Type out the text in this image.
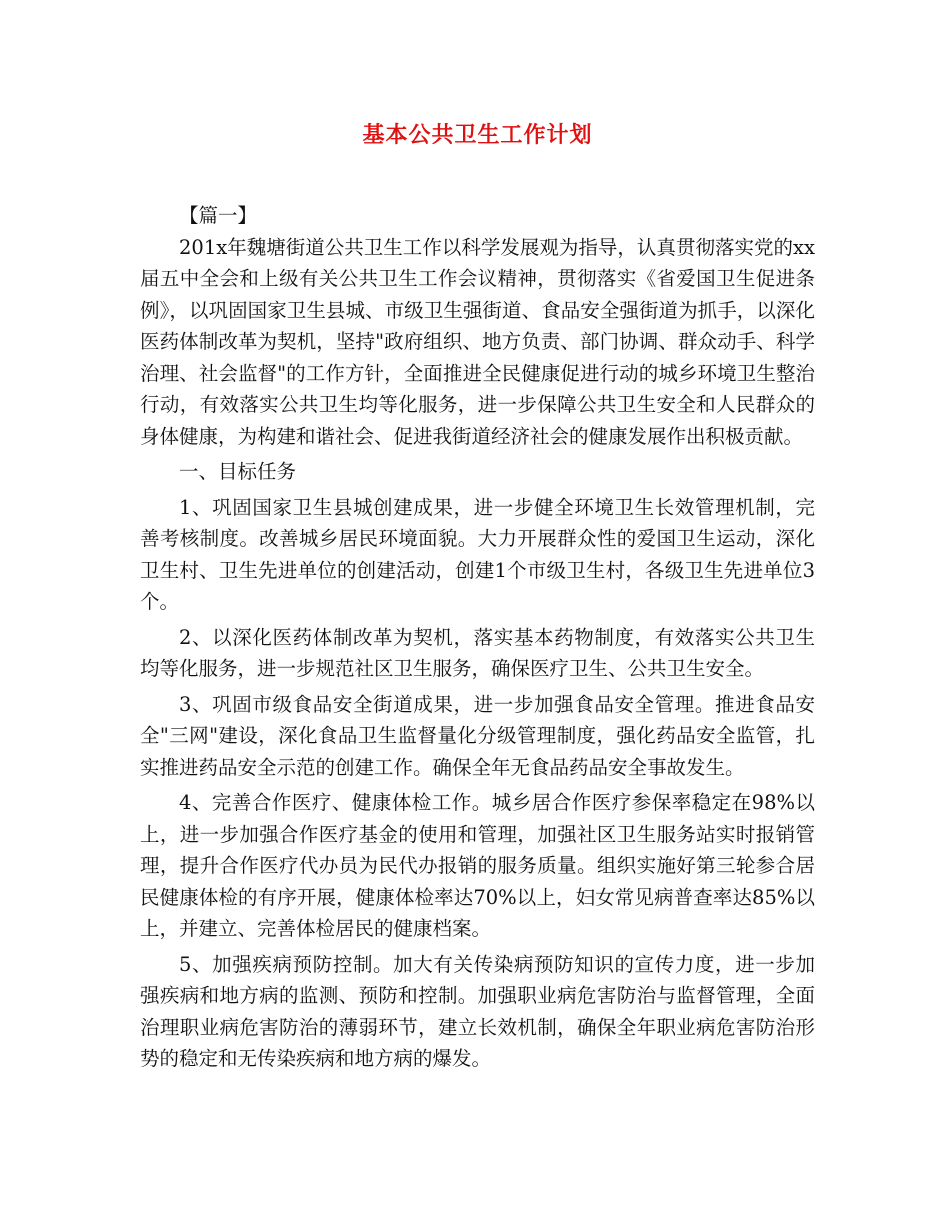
基本公共卫生工作计划

【篇一】

201x年魏塘街道公共卫生工作以科学发展观为指导，认真贯彻落实党的xx届五中全会和上级有关公共卫生工作会议精神，贯彻落实《省爱国卫生促进条例》，以巩固国家卫生县城、市级卫生强街道、食品安全强街道为抓手，以深化医药体制改革为契机，坚持"政府组织、地方负责、部门协调、群众动手、科学治理、社会监督"的工作方针，全面推进全民健康促进行动的城乡环境卫生整治行动，有效落实公共卫生均等化服务，进一步保障公共卫生安全和人民群众的身体健康，为构建和谐社会、促进我街道经济社会的健康发展作出积极贡献。

一、目标任务

1、巩固国家卫生县城创建成果，进一步健全环境卫生长效管理机制，完善考核制度。改善城乡居民环境面貌。大力开展群众性的爱国卫生运动，深化卫生村、卫生先进单位的创建活动，创建1个市级卫生村，各级卫生先进单位3个。

2、以深化医药体制改革为契机，落实基本药物制度，有效落实公共卫生均等化服务，进一步规范社区卫生服务，确保医疗卫生、公共卫生安全。

3、巩固市级食品安全街道成果，进一步加强食品安全管理。推进食品安全"三网"建设，深化食品卫生监督量化分级管理制度，强化药品安全监管，扎实推进药品安全示范的创建工作。确保全年无食品药品安全事故发生。

4、完善合作医疗、健康体检工作。城乡居合作医疗参保率稳定在98%以上，进一步加强合作医疗基金的使用和管理，加强社区卫生服务站实时报销管理，提升合作医疗代办员为民代办报销的服务质量。组织实施好第三轮参合居民健康体检的有序开展，健康体检率达70%以上，妇女常见病普查率达85%以上，并建立、完善体检居民的健康档案。

5、加强疾病预防控制。加大有关传染病预防知识的宣传力度，进一步加强疾病和地方病的监测、预防和控制。加强职业病危害防治与监督管理，全面治理职业病危害防治的薄弱环节，建立长效机制，确保全年职业病危害防治形势的稳定和无传染疾病和地方病的爆发。
